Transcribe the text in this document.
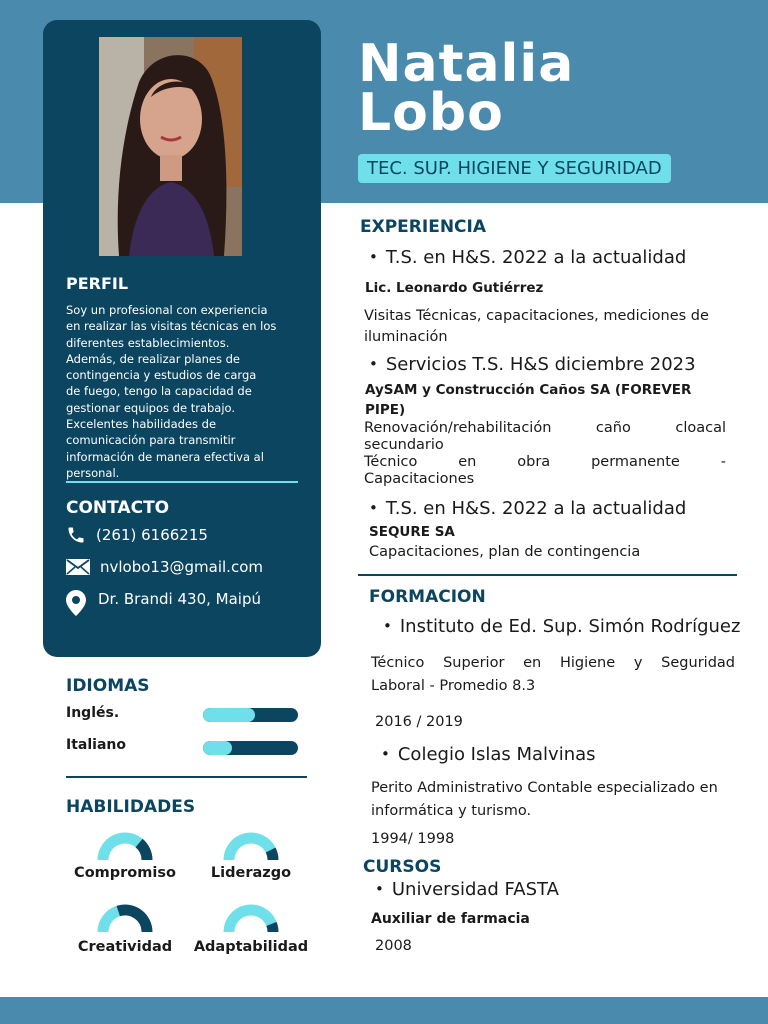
Natalia
Lobo
TEC. SUP. HIGIENE Y SEGURIDAD
PERFIL
Soy un profesional con experiencia
en realizar las visitas técnicas en los
diferentes establecimientos.
Además, de realizar planes de
contingencia y estudios de carga
de fuego, tengo la capacidad de
gestionar equipos de trabajo.
Excelentes habilidades de
comunicación para transmitir
información de manera efectiva al
personal.
CONTACTO
(261) 6166215
nvlobo13@gmail.com
Dr. Brandi 430, Maipú
IDIOMAS
Inglés.
Italiano
HABILIDADES
Compromiso	Liderazgo
Creatividad	Adaptabilidad
EXPERIENCIA
• T.S. en H&S. 2022 a la actualidad
Lic. Leonardo Gutiérrez
Visitas Técnicas, capacitaciones, mediciones de
iluminación
• Servicios T.S. H&S diciembre 2023
AySAM y Construcción Caños SA (FOREVER PIPE)
Renovación/rehabilitación caño cloacal
secundario
Técnico en obra permanente -
Capacitaciones
• T.S. en H&S. 2022 a la actualidad
SEQURE SA
Capacitaciones, plan de contingencia
FORMACION
• Instituto de Ed. Sup. Simón Rodríguez
Técnico Superior en Higiene y Seguridad
Laboral - Promedio 8.3
2016 / 2019
• Colegio Islas Malvinas
Perito Administrativo Contable especializado en
informática y turismo.
1994/ 1998
CURSOS
• Universidad FASTA
Auxiliar de farmacia
2008
